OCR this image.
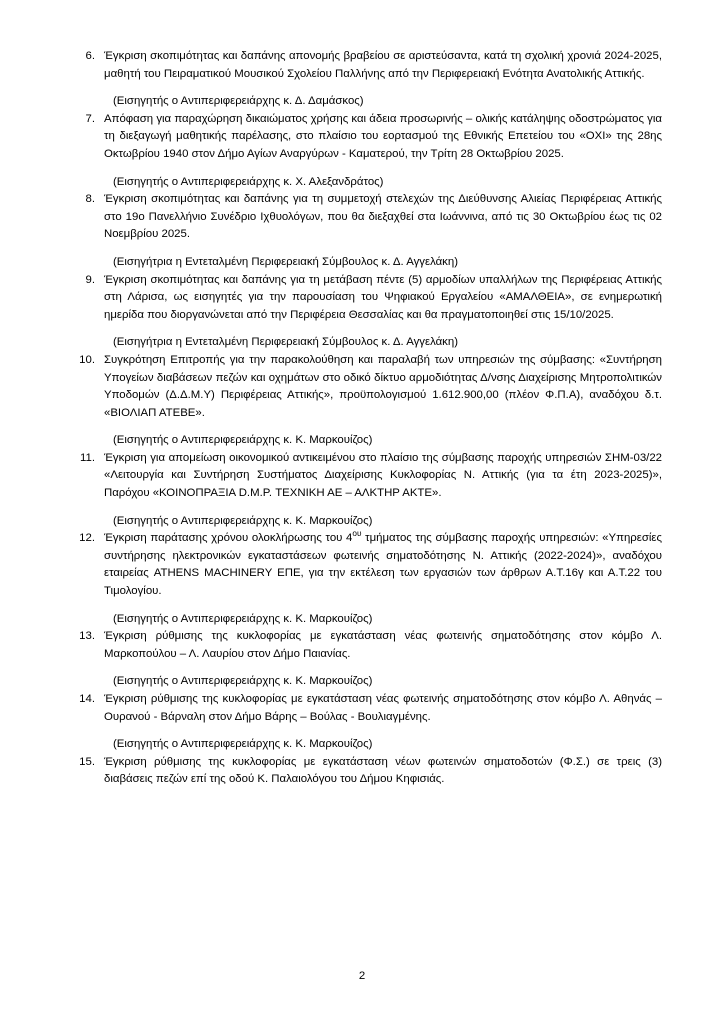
6. Έγκριση σκοπιμότητας και δαπάνης απονομής βραβείου σε αριστεύσαντα, κατά τη σχολική χρονιά 2024-2025, μαθητή του Πειραματικού Μουσικού Σχολείου Παλλήνης από την Περιφερειακή Ενότητα Ανατολικής Αττικής.
(Εισηγητής ο Αντιπεριφερειάρχης κ. Δ. Δαμάσκος)
7. Απόφαση για παραχώρηση δικαιώματος χρήσης και άδεια προσωρινής – ολικής κατάληψης οδοστρώματος για τη διεξαγωγή μαθητικής παρέλασης, στο πλαίσιο του εορτασμού της Εθνικής Επετείου του «ΟΧΙ» της 28ης Οκτωβρίου 1940 στον Δήμο Αγίων Αναργύρων - Καματερού, την Τρίτη 28 Οκτωβρίου 2025.
(Εισηγητής ο Αντιπεριφερειάρχης κ. Χ. Αλεξανδράτος)
8. Έγκριση σκοπιμότητας και δαπάνης για τη συμμετοχή στελεχών της Διεύθυνσης Αλιείας Περιφέρειας Αττικής στο 19ο Πανελλήνιο Συνέδριο Ιχθυολόγων, που θα διεξαχθεί στα Ιωάννινα, από τις 30 Οκτωβρίου έως τις 02 Νοεμβρίου 2025.
(Εισηγήτρια η Εντεταλμένη Περιφερειακή Σύμβουλος κ. Δ. Αγγελάκη)
9. Έγκριση σκοπιμότητας και δαπάνης για τη μετάβαση πέντε (5) αρμοδίων υπαλλήλων της Περιφέρειας Αττικής στη Λάρισα, ως εισηγητές για την παρουσίαση του Ψηφιακού Εργαλείου «ΑΜΑΛΘΕΙΑ», σε ενημερωτική ημερίδα που διοργανώνεται από την Περιφέρεια Θεσσαλίας και θα πραγματοποιηθεί στις 15/10/2025.
(Εισηγήτρια η Εντεταλμένη Περιφερειακή Σύμβουλος κ. Δ. Αγγελάκη)
10. Συγκρότηση Επιτροπής για την παρακολούθηση και παραλαβή των υπηρεσιών της σύμβασης: «Συντήρηση Υπογείων διαβάσεων πεζών και οχημάτων στο οδικό δίκτυο αρμοδιότητας Δ/νσης Διαχείρισης Μητροπολιτικών Υποδομών (Δ.Δ.Μ.Υ) Περιφέρειας Αττικής», προϋπολογισμού 1.612.900,00 (πλέον Φ.Π.Α), αναδόχου δ.τ. «ΒΙΟΛΙΑΠ ΑΤΕΒΕ».
(Εισηγητής ο Αντιπεριφερειάρχης κ. Κ. Μαρκουίζος)
11. Έγκριση για απομείωση οικονομικού αντικειμένου στο πλαίσιο της σύμβασης παροχής υπηρεσιών ΣΗΜ-03/22 «Λειτουργία και Συντήρηση Συστήματος Διαχείρισης Κυκλοφορίας Ν. Αττικής (για τα έτη 2023-2025)», Παρόχου «ΚΟΙΝΟΠΡΑΞΙΑ D.M.P. ΤΕΧΝΙΚΗ ΑΕ – ΑΛΚΤΗΡ ΑΚΤΕ».
(Εισηγητής ο Αντιπεριφερειάρχης κ. Κ. Μαρκουίζος)
12. Έγκριση παράτασης χρόνου ολοκλήρωσης του $4^{o\upsilon}$ τμήματος της σύμβασης παροχής υπηρεσιών: «Υπηρεσίες συντήρησης ηλεκτρονικών εγκαταστάσεων φωτεινής σηματοδότησης Ν. Αττικής (2022-2024)», αναδόχου εταιρείας ATHENS MACHINERY ΕΠΕ, για την εκτέλεση των εργασιών των άρθρων Α.Τ.16γ και Α.Τ.22 του Τιμολογίου.
(Εισηγητής ο Αντιπεριφερειάρχης κ. Κ. Μαρκουίζος)
13. Έγκριση ρύθμισης της κυκλοφορίας με εγκατάσταση νέας φωτεινής σηματοδότησης στον κόμβο Λ. Μαρκοπούλου – Λ. Λαυρίου στον Δήμο Παιανίας.
(Εισηγητής ο Αντιπεριφερειάρχης κ. Κ. Μαρκουίζος)
14. Έγκριση ρύθμισης της κυκλοφορίας με εγκατάσταση νέας φωτεινής σηματοδότησης στον κόμβο Λ. Αθηνάς – Ουρανού - Βάρναλη στον Δήμο Βάρης – Βούλας - Βουλιαγμένης.
(Εισηγητής ο Αντιπεριφερειάρχης κ. Κ. Μαρκουίζος)
15. Έγκριση ρύθμισης της κυκλοφορίας με εγκατάσταση νέων φωτεινών σηματοδοτών (Φ.Σ.) σε τρεις (3) διαβάσεις πεζών επί της οδού Κ. Παλαιολόγου του Δήμου Κηφισιάς.
2
